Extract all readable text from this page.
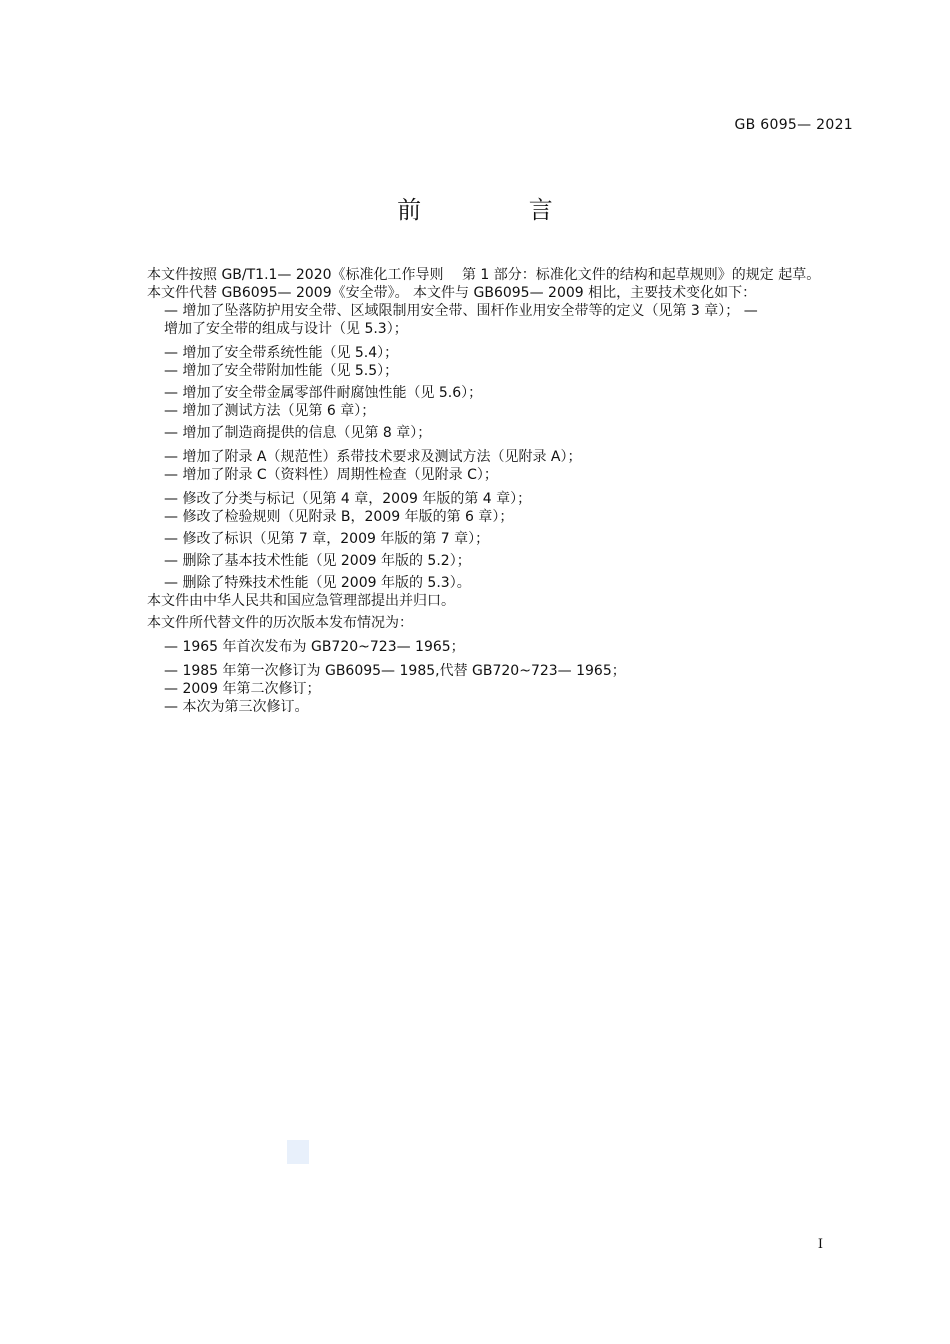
GB 6095— 2021
前 言

本文件按照 GB/T1.1— 2020《标准化工作导则　 第 1 部分：标准化文件的结构和起草规则》的规定 起草。

本文件代替 GB6095— 2009《安全带》。 本文件与 GB6095— 2009 相比，主要技术变化如下：

— 增加了坠落防护用安全带、区域限制用安全带、围杆作业用安全带等的定义（见第 3 章）； — 增加了安全带的组成与设计（见 5.3）；

— 增加了安全带系统性能（见 5.4）；

— 增加了安全带附加性能（见 5.5）；

— 增加了安全带金属零部件耐腐蚀性能（见 5.6）；

— 增加了测试方法（见第 6 章）；

— 增加了制造商提供的信息（见第 8 章）；

— 增加了附录 A（规范性）系带技术要求及测试方法（见附录 A）；

— 增加了附录 C（资料性）周期性检查（见附录 C）；

— 修改了分类与标记（见第 4 章，2009 年版的第 4 章）；

— 修改了检验规则（见附录 B，2009 年版的第 6 章）；

— 修改了标识（见第 7 章，2009 年版的第 7 章）；

— 删除了基本技术性能（见 2009 年版的 5.2）；

— 删除了特殊技术性能（见 2009 年版的 5.3）。

本文件由中华人民共和国应急管理部提出并归口。

本文件所代替文件的历次版本发布情况为：

— 1965 年首次发布为 GB720~723— 1965；

— 1985 年第一次修订为 GB6095— 1985,代替 GB720~723— 1965；

— 2009 年第二次修订；

— 本次为第三次修订。

I
